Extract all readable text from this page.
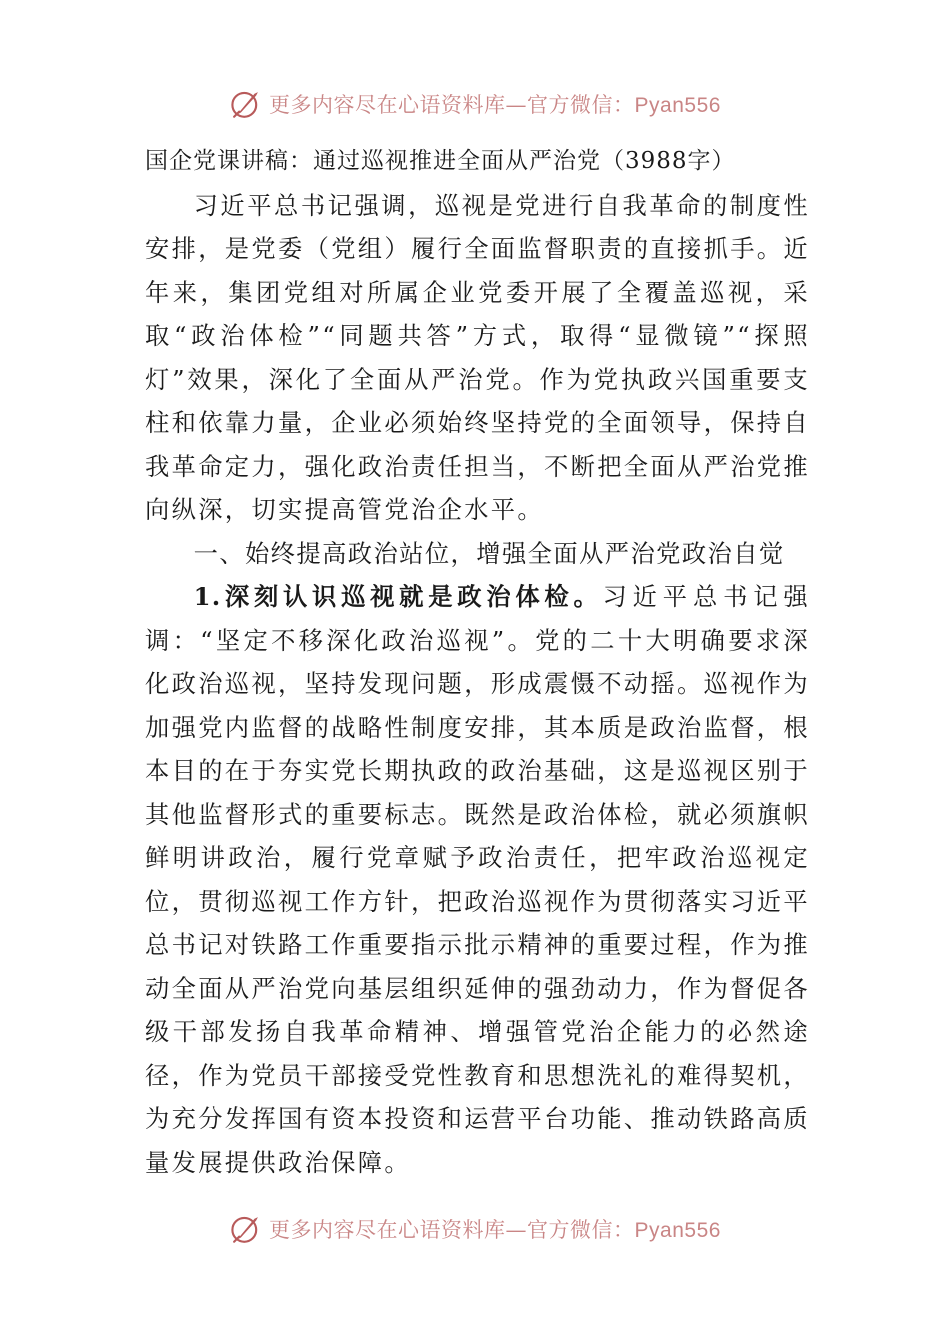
更多内容尽在心语资料库—官方微信：Pyan556

国企党课讲稿：通过巡视推进全面从严治党（3988字）

习近平总书记强调，巡视是党进行自我革命的制度性安排，是党委（党组）履行全面监督职责的直接抓手。近年来，集团党组对所属企业党委开展了全覆盖巡视，采取“政治体检”“同题共答”方式，取得“显微镜”“探照灯”效果，深化了全面从严治党。作为党执政兴国重要支柱和依靠力量，企业必须始终坚持党的全面领导，保持自我革命定力，强化政治责任担当，不断把全面从严治党推向纵深，切实提高管党治企水平。

一、始终提高政治站位，增强全面从严治党政治自觉

1.深刻认识巡视就是政治体检。习近平总书记强调：“坚定不移深化政治巡视”。党的二十大明确要求深化政治巡视，坚持发现问题，形成震慑不动摇。巡视作为加强党内监督的战略性制度安排，其本质是政治监督，根本目的在于夯实党长期执政的政治基础，这是巡视区别于其他监督形式的重要标志。既然是政治体检，就必须旗帜鲜明讲政治，履行党章赋予政治责任，把牢政治巡视定位，贯彻巡视工作方针，把政治巡视作为贯彻落实习近平总书记对铁路工作重要指示批示精神的重要过程，作为推动全面从严治党向基层组织延伸的强劲动力，作为督促各级干部发扬自我革命精神、增强管党治企能力的必然途径，作为党员干部接受党性教育和思想洗礼的难得契机，为充分发挥国有资本投资和运营平台功能、推动铁路高质量发展提供政治保障。

更多内容尽在心语资料库—官方微信：Pyan556
